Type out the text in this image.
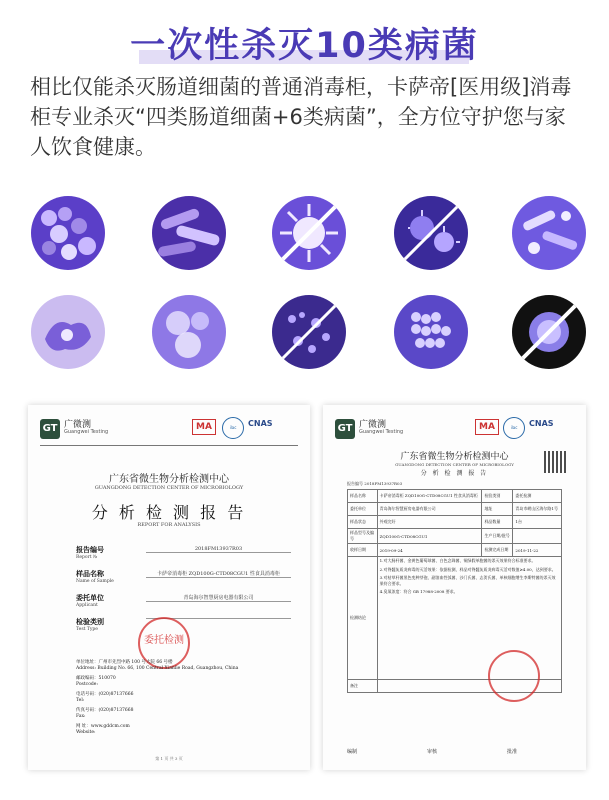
一次性杀灭10类病菌
相比仅能杀灭肠道细菌的普通消毒柜，卡萨帝[医用级]消毒柜专业杀灭“四类肠道细菌+6类病菌”，全方位守护您与家人饮食健康。
GT 广微测
Guangwei Testing	MA	ilac	CNAS
广东省微生物分析检测中心
GUANGDONG DETECTION CENTER OF MICROBIOLOGY
分 析 检 测 报 告
REPORT FOR ANALYSIS
报告编号
Report №
2018FM13937R03
样品名称
Name of Sample
卡萨帝消毒柜 ZQD100G-CTD08CGU1 性食具消毒柜
委托单位
Applicant
青岛海尔智慧厨房电器有限公司
检验类别
Test Type
委托检测
单位地址：广州市先烈中路 100 号大院 66 号楼
Address: Building No. 66, 100 Central Xianlie Road, Guangzhou, China
邮政编码：510070
Postcode:
电话号码：(020)87137666
Tel:
传真号码：(020)87137668
Fax:
网 址：www.gddcm.com
Website:
第 1 页 共 3 页
GT 广微测
Guangwei Testing	MA	ilac	CNAS
广东省微生物分析检测中心
GUANGDONG DETECTION CENTER OF MICROBIOLOGY
分 析 检 测 报 告
报告编号 2018FM13937R03
样品名称	卡萨帝消毒柜 ZQD100G-CTD08CGU1 性食具消毒柜	检验类别	委托检测
委托单位	青岛海尔智慧厨房电器有限公司	地址	青岛市崂山区海尔路1号
样品状态	外观完好	样品数量	1台
样品型号及编号	ZQD100G-CTD08CGU1	生产日期/批号	
收样日期	2019-09-24	检测完成日期	2019-11-22
检测结论	1.对大肠杆菌、金黄色葡萄球菌、白色念珠菌、铜绿假单胞菌的杀灭效果符合标准要求。

2.对脊髓灰质炎病毒的灭活效果：依据检测，样品对脊髓灰质炎病毒灭活对数值≥4.00，达到要求。

3.对枯草杆菌黑色变种芽孢、副溶血性弧菌、沙门氏菌、志贺氏菌、单核细胞增生李斯特菌的杀灭效果符合要求。

4.臭氧浓度：符合 GB 17988-2008 要求。		

备注			
编制	审核	批准
